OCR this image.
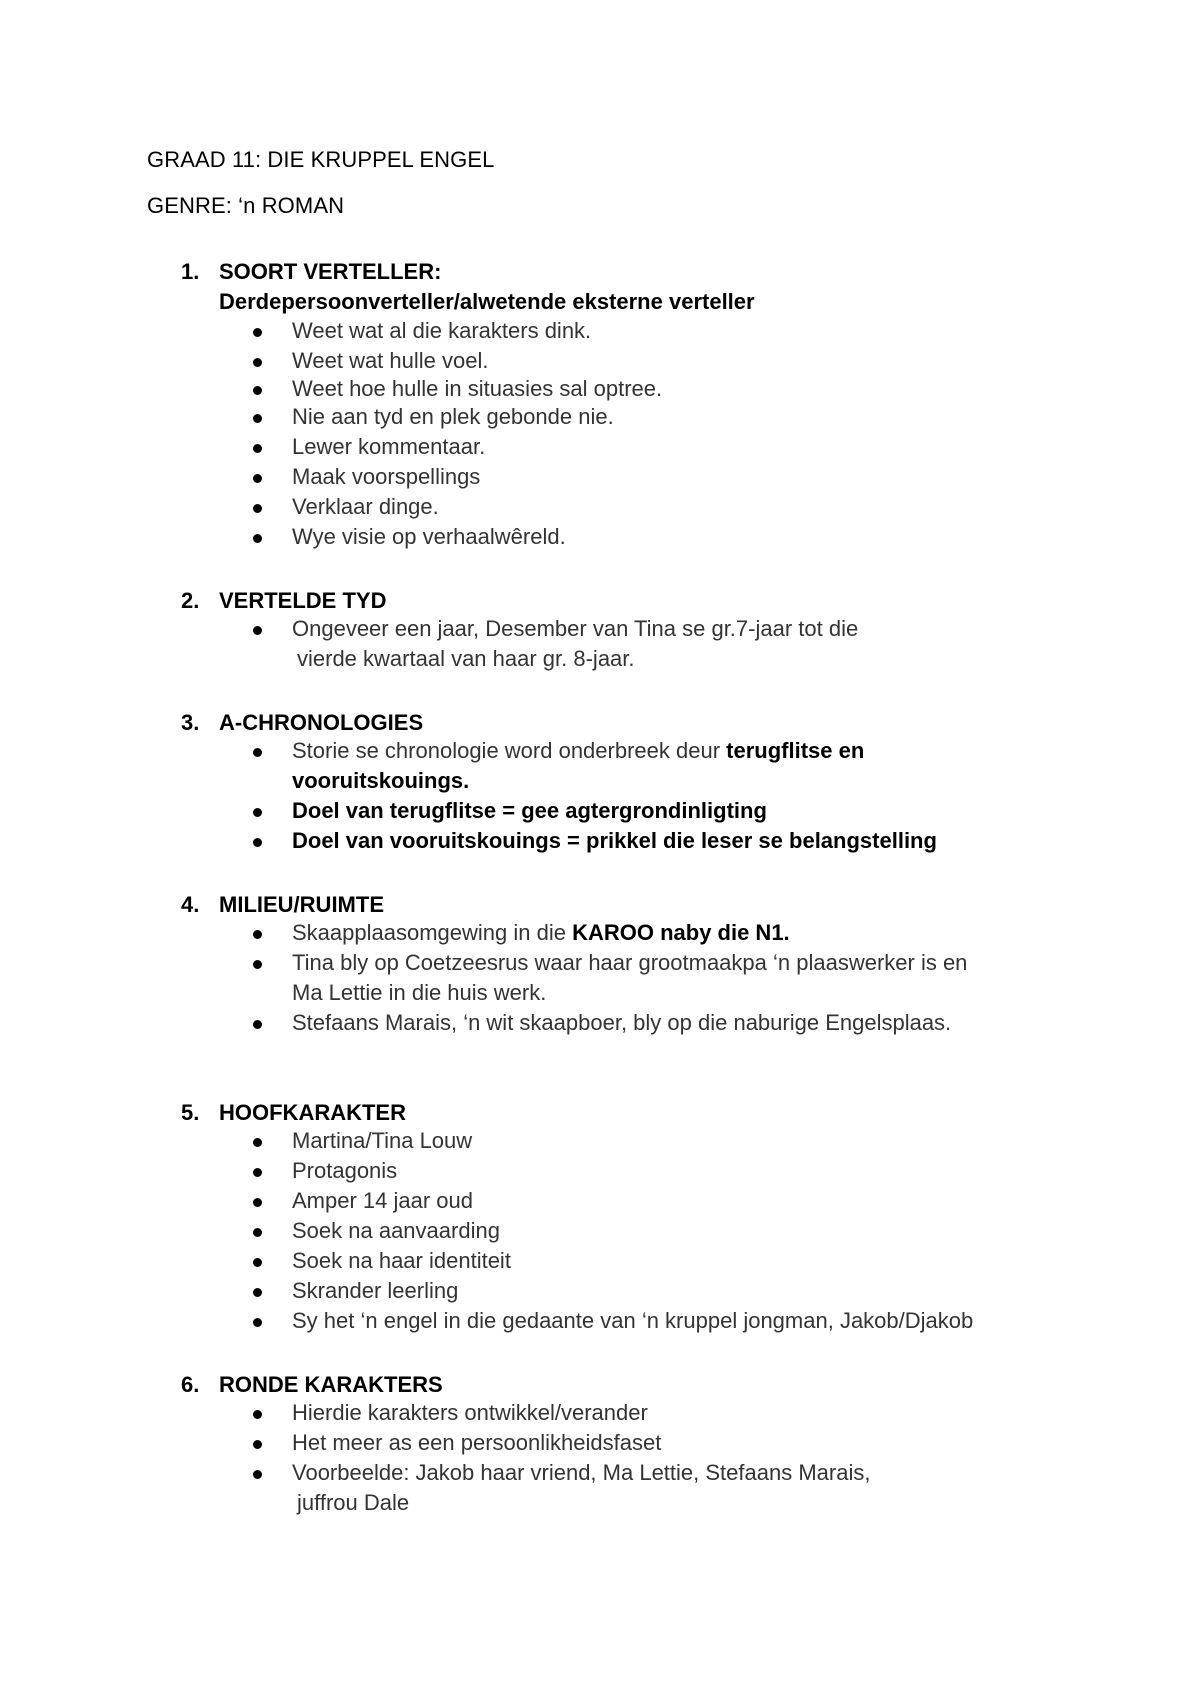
GRAAD 11: DIE KRUPPEL ENGEL
GENRE: ‘n ROMAN
1. SOORT VERTELLER:
Derdepersoonverteller/alwetende eksterne verteller
Weet wat al die karakters dink.
Weet wat hulle voel.
Weet hoe hulle in situasies sal optree.
Nie aan tyd en plek gebonde nie.
Lewer kommentaar.
Maak voorspellings
Verklaar dinge.
Wye visie op verhaalwêreld.
2. VERTELDE TYD
Ongeveer een jaar, Desember van Tina se gr.7-jaar tot die
vierde kwartaal van haar gr. 8-jaar.
3. A-CHRONOLOGIES
Storie se chronologie word onderbreek deur terugflitse en
vooruitskouings.
Doel van terugflitse = gee agtergrondinligting
Doel van vooruitskouings = prikkel die leser se belangstelling
4. MILIEU/RUIMTE
Skaapplaasomgewing in die KAROO naby die N1.
Tina bly op Coetzeesrus waar haar grootmaakpa ‘n plaaswerker is en
Ma Lettie in die huis werk.
Stefaans Marais, ‘n wit skaapboer, bly op die naburige Engelsplaas.
5. HOOFKARAKTER
Martina/Tina Louw
Protagonis
Amper 14 jaar oud
Soek na aanvaarding
Soek na haar identiteit
Skrander leerling
Sy het ‘n engel in die gedaante van ‘n kruppel jongman, Jakob/Djakob
6. RONDE KARAKTERS
Hierdie karakters ontwikkel/verander
Het meer as een persoonlikheidsfaset
Voorbeelde: Jakob haar vriend, Ma Lettie, Stefaans Marais,
juffrou Dale
